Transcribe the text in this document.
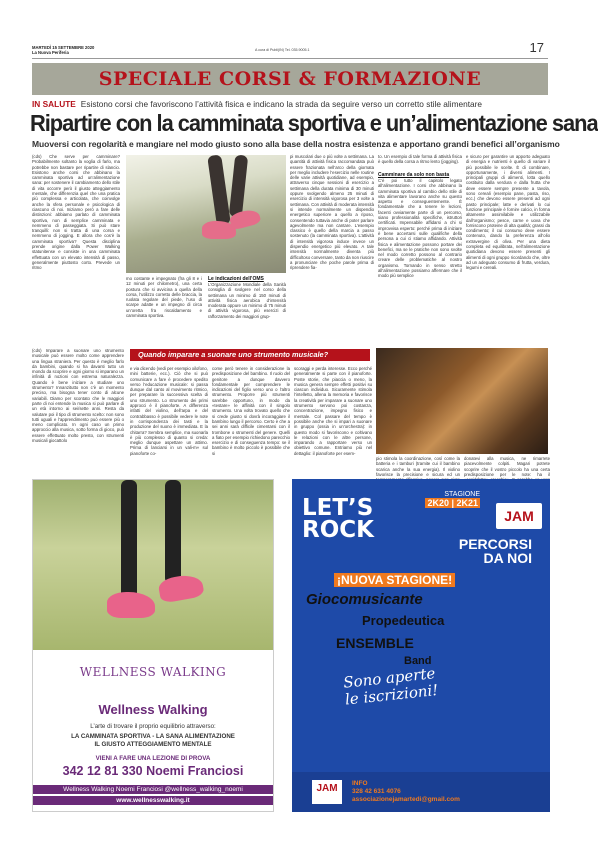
MARTEDÌ 15 SETTEMBRE 2020
La Nuova Periferia	A cura di Publi(IN) Tel. 035.9005.1	17
SPECIALE CORSI & FORMAZIONE
IN SALUTE Esistono corsi che favoriscono l’attività fisica e indicano la strada da seguire verso un corretto stile alimentare
Ripartire con la camminata sportiva e un’alimentazione sana
Muoversi con regolarità e mangiare nel modo giusto sono alla base della nostra esistenza e apportano grandi benefici all’organismo
(cds) Che serve per camminare? Probabilmente soltanto la voglia di farlo, ma potrebbe non bastare per ripartire di slancio. Esistono anche corsi che abbinano la camminata sportiva ad un’alimentazione sana: per sostenere il cambiamento dello stile di vita occorre però il giusto atteggiamento mentale, che differenzia quel che una pratica più complessa e articolata, che coinvolge anche la sfera personale e psicologica di ciascuno di noi. Iniziamo però a fare delle distinzioni: abbiamo parlato di camminata sportiva, non di semplice camminata e nemmeno di passeggiata. Si può stare tranquilli: non si tratta di una corsa e nemmeno di jogging. E allora che cos’è la camminata sportiva? Questa disciplina prende origine dalla Power Walking statunitense e consiste in una camminata effettuata con un elevato intensità di passo, generalmente piuttosto corto. Prevede un ritmo
mo costante e impegnato (fra gli 8 e i 12 minuti per chilometro), una certa postura che si avvicina a quella della corsa, l’utilizzo corretto delle braccia, la ruolata regolare del piede, l’uso di scarpe adatte e un impegno di circa un’oretta fra riscaldamento e camminata sportiva.
Le indicazioni dell’OMS
L’Organizzazione Mondiale della Sanità consiglia di svolgere nel corso della settimana un minimo di 150 minuti di attività fisica aerobica d’intensità moderata oppure un minimo di 75 minuti di attività vigorosa, più esercizi di rafforzamento dei maggiori grup-
pi muscolari due o più volte a settimana. La quantità di attività fisica raccomandata può essere frazionata nell’arco della giornata per meglio includere l’esercizio nelle routine delle varie attività quotidiane, ad esempio, attraverso cinque sessioni di esercizio a settimana della durata minima di 30 minuti oppure svolgendo almeno 25 minuti di esercizio di intensità vigorosa per 3 volte a settimana. Con attività di moderata intensità si intende normalmente un dispendio energetico superiore a quello a riposo, consentendo tuttavia anche di poter parlare agevolmente ma non cantare. L’esempio classico è quello della marcia a passo sostenuto (la camminata sportiva). L’attività di intensità vigorosa induce invece un dispendio energetico più elevato. A tale intensità normalmente diventa più difficoltoso conversare, tanto da non riuscire a pronunciare che poche parole prima di riprendere fia-
to. Un esempio di tale forma di attività fisica è quello della corsa a ritmo lento (jogging).
Camminare da solo non basta
C’è poi tutto il capitolo legato all’alimentazione. I corsi che abbinano la camminata sportiva al cambio dello stile di vita alimentare lavorano anche su questo aspetto e conseguentemente. È fondamentale che a tenere le lezioni, facenti ovviamente parte di un percorso, siano professionalità specifiche, istruttori certificati. Impensabile affidarsi a chi si improvvisa esperto: perché prima di iniziare è bene accertarsi sulle qualifiche della persona a cui ci stiamo affidando. Attività fisica e alimentazione possono portare dei benefici, ma se le pratiche non sono svolte nel modo corretto possono al contrario creare delle problematiche al nostro organismo. Tornando in senso stretto all’alimentazione possiamo affermare che il modo più semplice
e sicuro per garantire un apporto adeguato di energia e nutrienti è quello di variare il più possibile le scelte. È di combinare, opportunamente, i diversi alimenti. I principali gruppi di alimenti, lotta quello costituito dalla verdura e dalla frutta che deve essere sempre presente a tavola, sono cereali (esempio pane, pasta, riso, ecc.) che devono essere presenti ad ogni pasto principale; latte e derivati lo cui funzione principale è fornire calcio, in forma altamente assimilabile e utilizzabile dall’organismo; pesce, carne e uova che forniscono proteine di alta qualità; grassi da condimento; il cui consumo deve essere contenuto, dando la preferenza all’olio extravergine di oliva. Per una dieta completa ed equilibrata, nell’alimentazione quotidiana devono essere presenti gli alimenti di ogni gruppo ricordando che, oltre ad un adeguato consumo di frutta, verdura, legumi e cereali.
(cds) Imparare a suonare uno strumento musicale può essere molto come apprendere una lingua straniera. Per questo è meglio farlo da bambini, quando si ha davanti tutto un mondo da scoprire e ogni giorno si imparano un infinità di nozioni con estrema naturalezza. Quando è bene iniziare a studiare uno strumento? Innanzitutto non c’è un momento preciso, ma bisogna tener conto di alcune variabili. Diamo per scontato che le maggiori parte di noi entende la musica si può parlare di un età intorno ai sei/sette anni. Resta da valutare poi il tipo di strumento scelto: non sono tutti uguali e l’apprendimento può essere più o meno complicato. In ogni caso un primo approccio alla musica, sotto forma di gioco, può essere effettuato molto presto, con strumenti musicali giocattolo
Quando imparare a suonare uno strumento musicale?
e via dicendo (vedi per esempio xilofono, mini batterie, ecc.). Ciò che si può comunicare a fare è procedere spedito verso l’educazione musicale: si passa dunque dal canto al movimento ritmico, per preparare la successiva scelta di uno strumento. Lo strumento dei primi approcci è il pianoforte. A differenza infatti del violino, dell’arpa e del contrabbasso è possibile vedere le note in corrispondenza dei tasti e la produzione del suono è immediata. E la chitarra? Sembra semplice, ma suonarla è più complesso di quanto si creda: meglio dunque aspettare un attimo. Prima di lanciarsi in un vali-m» sul pianoforte co-
come però tenere in considerazione la predisposizione del bambino. Il ruolo del genitore a dunque davvero fondamentale per comprendere le indicazioni del figlio verso uno o l’altro strumento. Proporre più strumenti sarebbe opportuno, in modo da «testare» le affinità con il singolo strumento. Una volta trovato quello che si crede giusto si dovrà incoraggiare il bambino lungo il percorso. Certo è che a sei anni sarà difficile cimentarsi con il trombone o strumenti del genere. Quelli a fiato per esempio richiedono parecchio esercizio e di conseguenza tempo: se il bambino è molto piccolo è possibile che si
scoraggi e perda interesse. Ecco perché generalmente si parte con il pianoforte. Poste storie, che piaccia o meno, la musica genera sempre effetti positivi su ciascun individuo. Sicuramente stimola l’intelletto, allena la memoria e favorisce la creatività per imparare a suonare uno strumento servono poi costanza, concentrazione, impegno fisico e mentale. Col passare del tempo è possibile anche che si impari a suonare in gruppo (ossia in un’orchestra): in questo modo si favoriscono e coltivano le relazioni con le altre persone, imparando a rapportare verso un obiettivo comune. Entriamo più nel dettaglio: il pianoforte per esem-
pio stimola la coordinazione, così come la batteria e i tamburi (tramite cui il bambino scarica anche la sua energia). Il violino favorisce la precisione e sicura ed un
donatevi alla musica, ne rimarrete piacevolmente colpiti. Magari potrete scoprire che il vostro piccolo ha una certa predisposizione per le note: ha il
WELLNESS WALKING
Wellness Walking
L’arte di trovare il proprio equilibrio attraverso:
LA CAMMINATA SPORTIVA - LA SANA ALIMENTAZIONE
IL GIUSTO ATTEGGIAMENTO MENTALE
VIENI A FARE UNA LEZIONE DI PROVA
342 12 81 330 Noemi Franciosi
Wellness Walking Noemi Franciosi @wellness_walking_noemi
www.wellnesswalking.it
LET’S ROCK
STAGIONE
2K20 | 2K21
JAM
PERCORSI
DA NOI
¡NUOVA STAGIONE!
Giocomusicante
Propedeutica
ENSEMBLE
Band
Sono aperte le iscrizioni!
JAM	INFO
328 42 631 4076
associazionejamartedi@gmail.com
